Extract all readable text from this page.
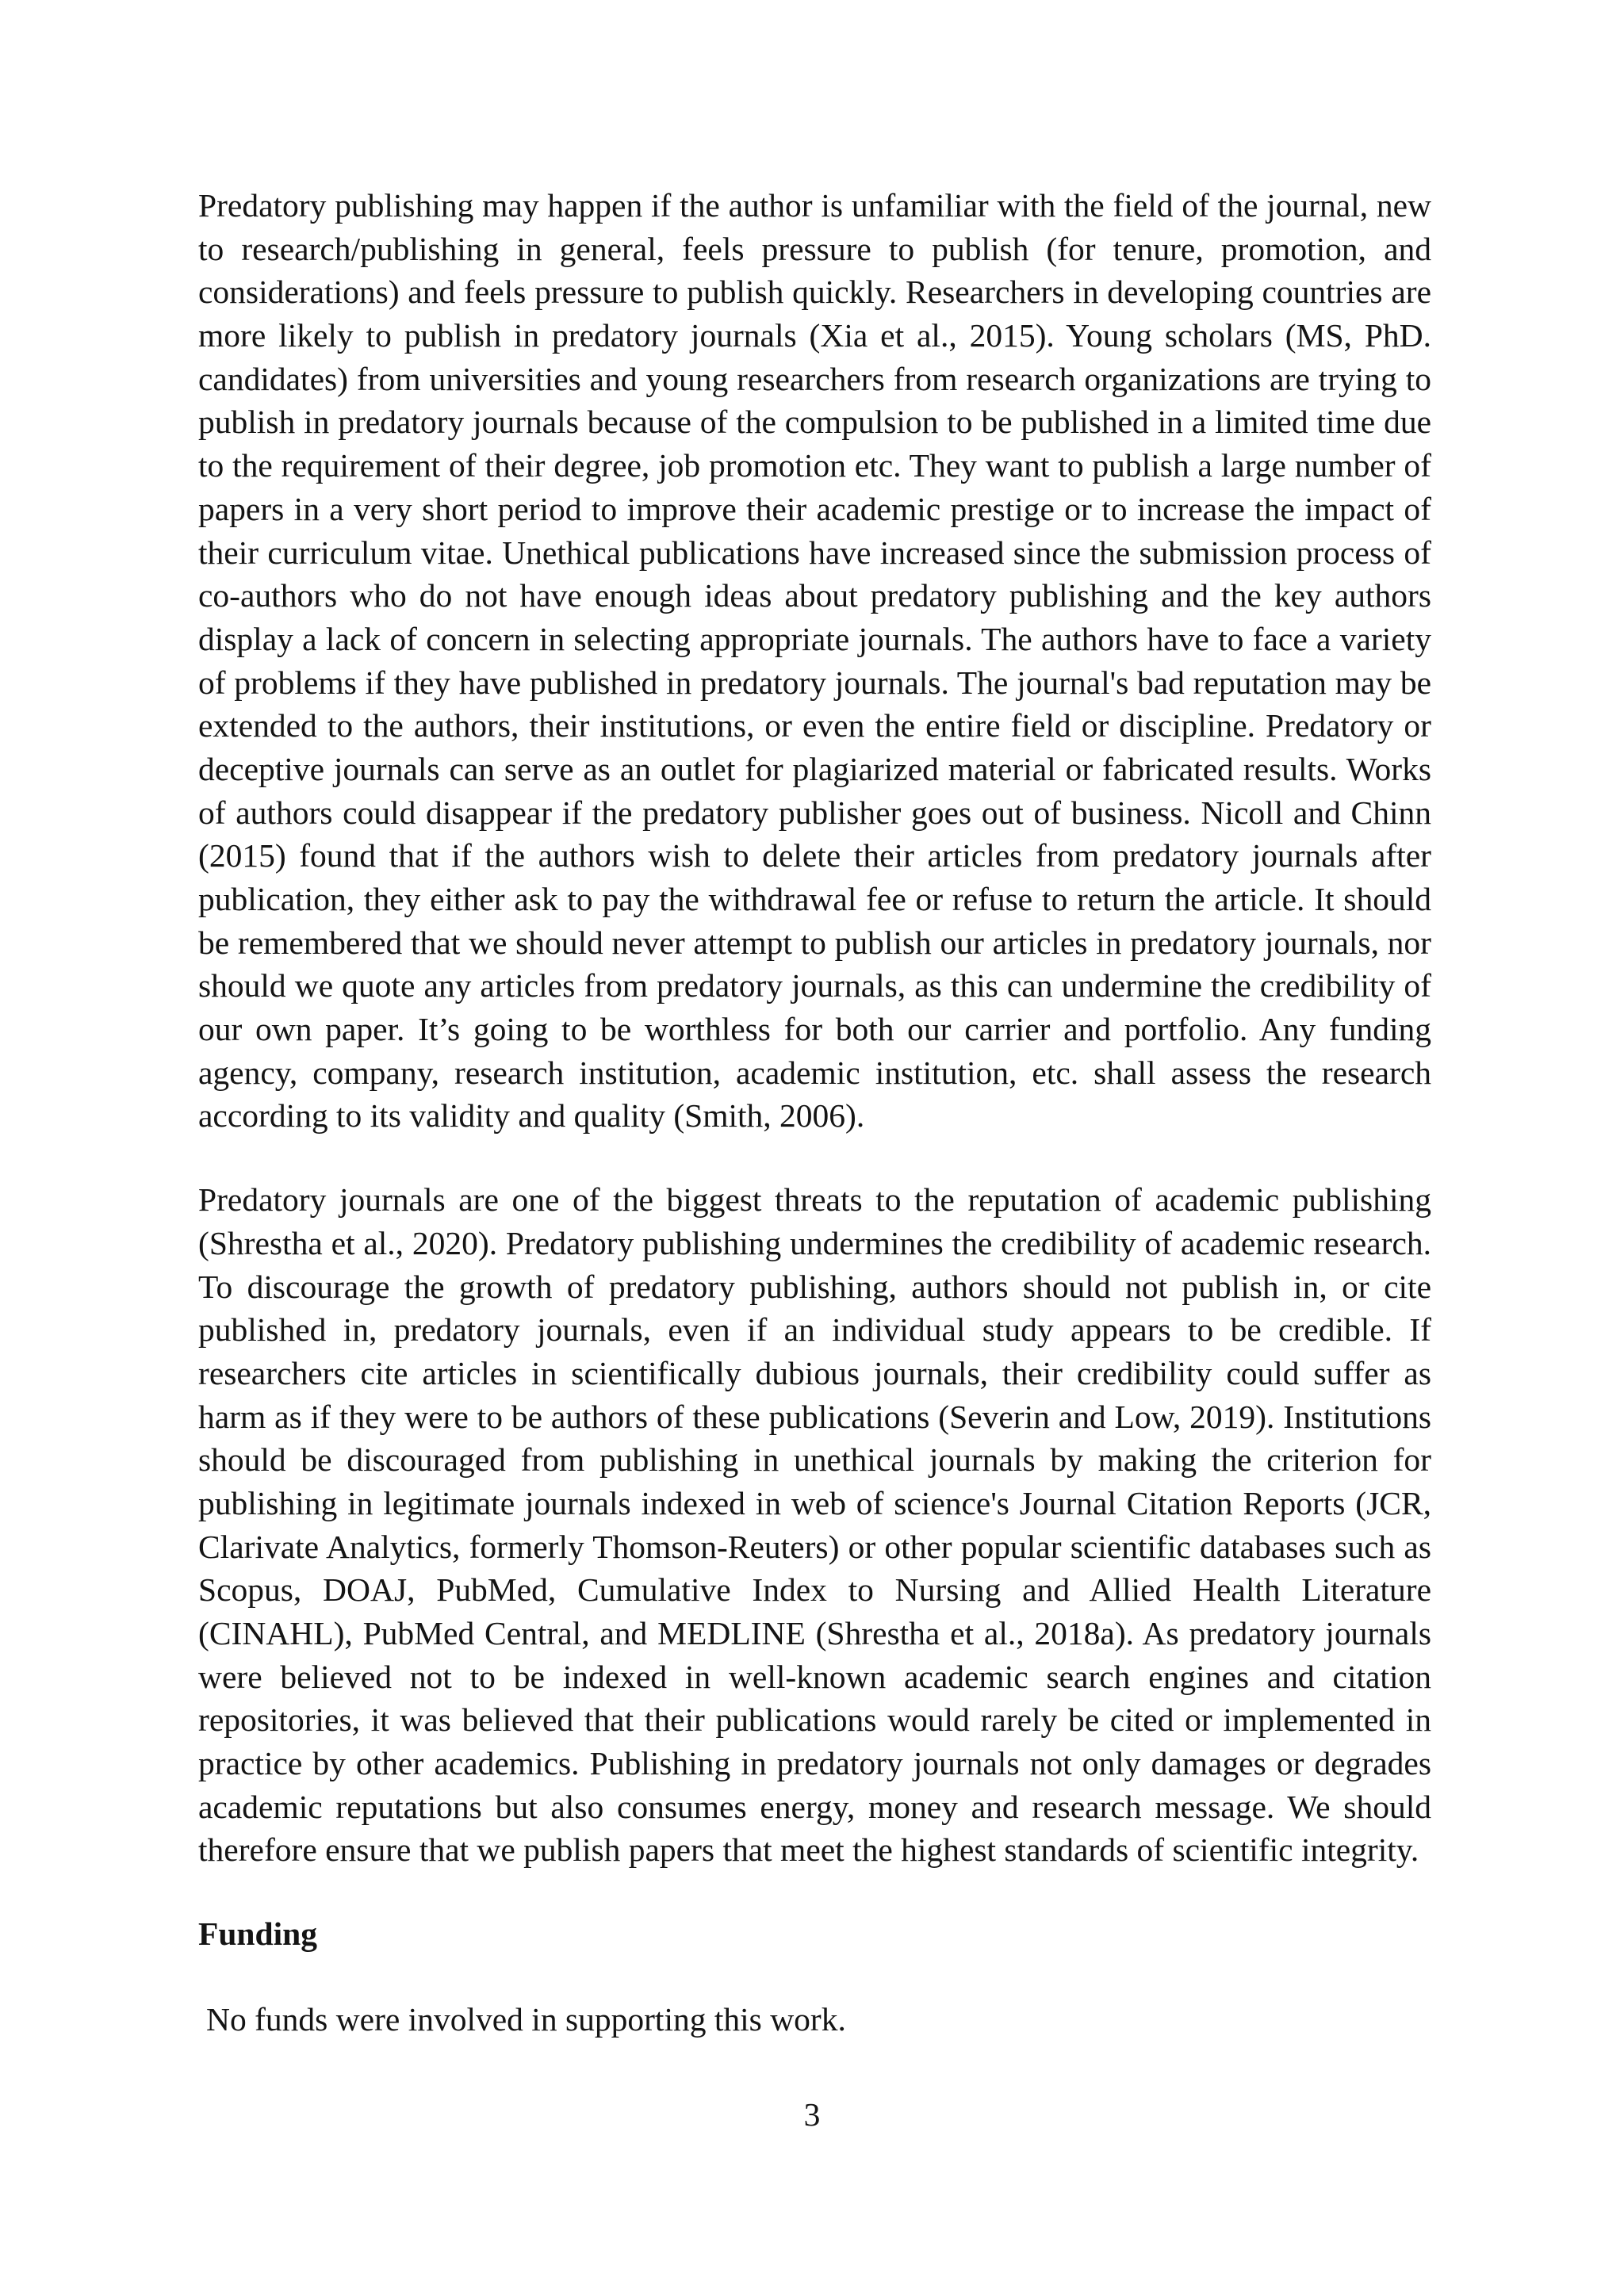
Predatory publishing may happen if the author is unfamiliar with the field of the journal, new
to research/publishing in general, feels pressure to publish (for tenure, promotion, and
considerations) and feels pressure to publish quickly. Researchers in developing countries are
more likely to publish in predatory journals (Xia et al., 2015). Young scholars (MS, PhD.
candidates) from universities and young researchers from research organizations are trying to
publish in predatory journals because of the compulsion to be published in a limited time due
to the requirement of their degree, job promotion etc. They want to publish a large number of
papers in a very short period to improve their academic prestige or to increase the impact of
their curriculum vitae. Unethical publications have increased since the submission process of
co-authors who do not have enough ideas about predatory publishing and the key authors
display a lack of concern in selecting appropriate journals. The authors have to face a variety
of problems if they have published in predatory journals. The journal's bad reputation may be
extended to the authors, their institutions, or even the entire field or discipline. Predatory or
deceptive journals can serve as an outlet for plagiarized material or fabricated results. Works
of authors could disappear if the predatory publisher goes out of business. Nicoll and Chinn
(2015) found that if the authors wish to delete their articles from predatory journals after
publication, they either ask to pay the withdrawal fee or refuse to return the article. It should
be remembered that we should never attempt to publish our articles in predatory journals, nor
should we quote any articles from predatory journals, as this can undermine the credibility of
our own paper. It’s going to be worthless for both our carrier and portfolio. Any funding
agency, company, research institution, academic institution, etc. shall assess the research
according to its validity and quality (Smith, 2006).
Predatory journals are one of the biggest threats to the reputation of academic publishing
(Shrestha et al., 2020). Predatory publishing undermines the credibility of academic research.
To discourage the growth of predatory publishing, authors should not publish in, or cite
published in, predatory journals, even if an individual study appears to be credible. If
researchers cite articles in scientifically dubious journals, their credibility could suffer as
harm as if they were to be authors of these publications (Severin and Low, 2019). Institutions
should be discouraged from publishing in unethical journals by making the criterion for
publishing in legitimate journals indexed in web of science's Journal Citation Reports (JCR,
Clarivate Analytics, formerly Thomson-Reuters) or other popular scientific databases such as
Scopus, DOAJ, PubMed, Cumulative Index to Nursing and Allied Health Literature
(CINAHL), PubMed Central, and MEDLINE (Shrestha et al., 2018a). As predatory journals
were believed not to be indexed in well-known academic search engines and citation
repositories, it was believed that their publications would rarely be cited or implemented in
practice by other academics. Publishing in predatory journals not only damages or degrades
academic reputations but also consumes energy, money and research message. We should
therefore ensure that we publish papers that meet the highest standards of scientific integrity.
Funding

No funds were involved in supporting this work.

3
